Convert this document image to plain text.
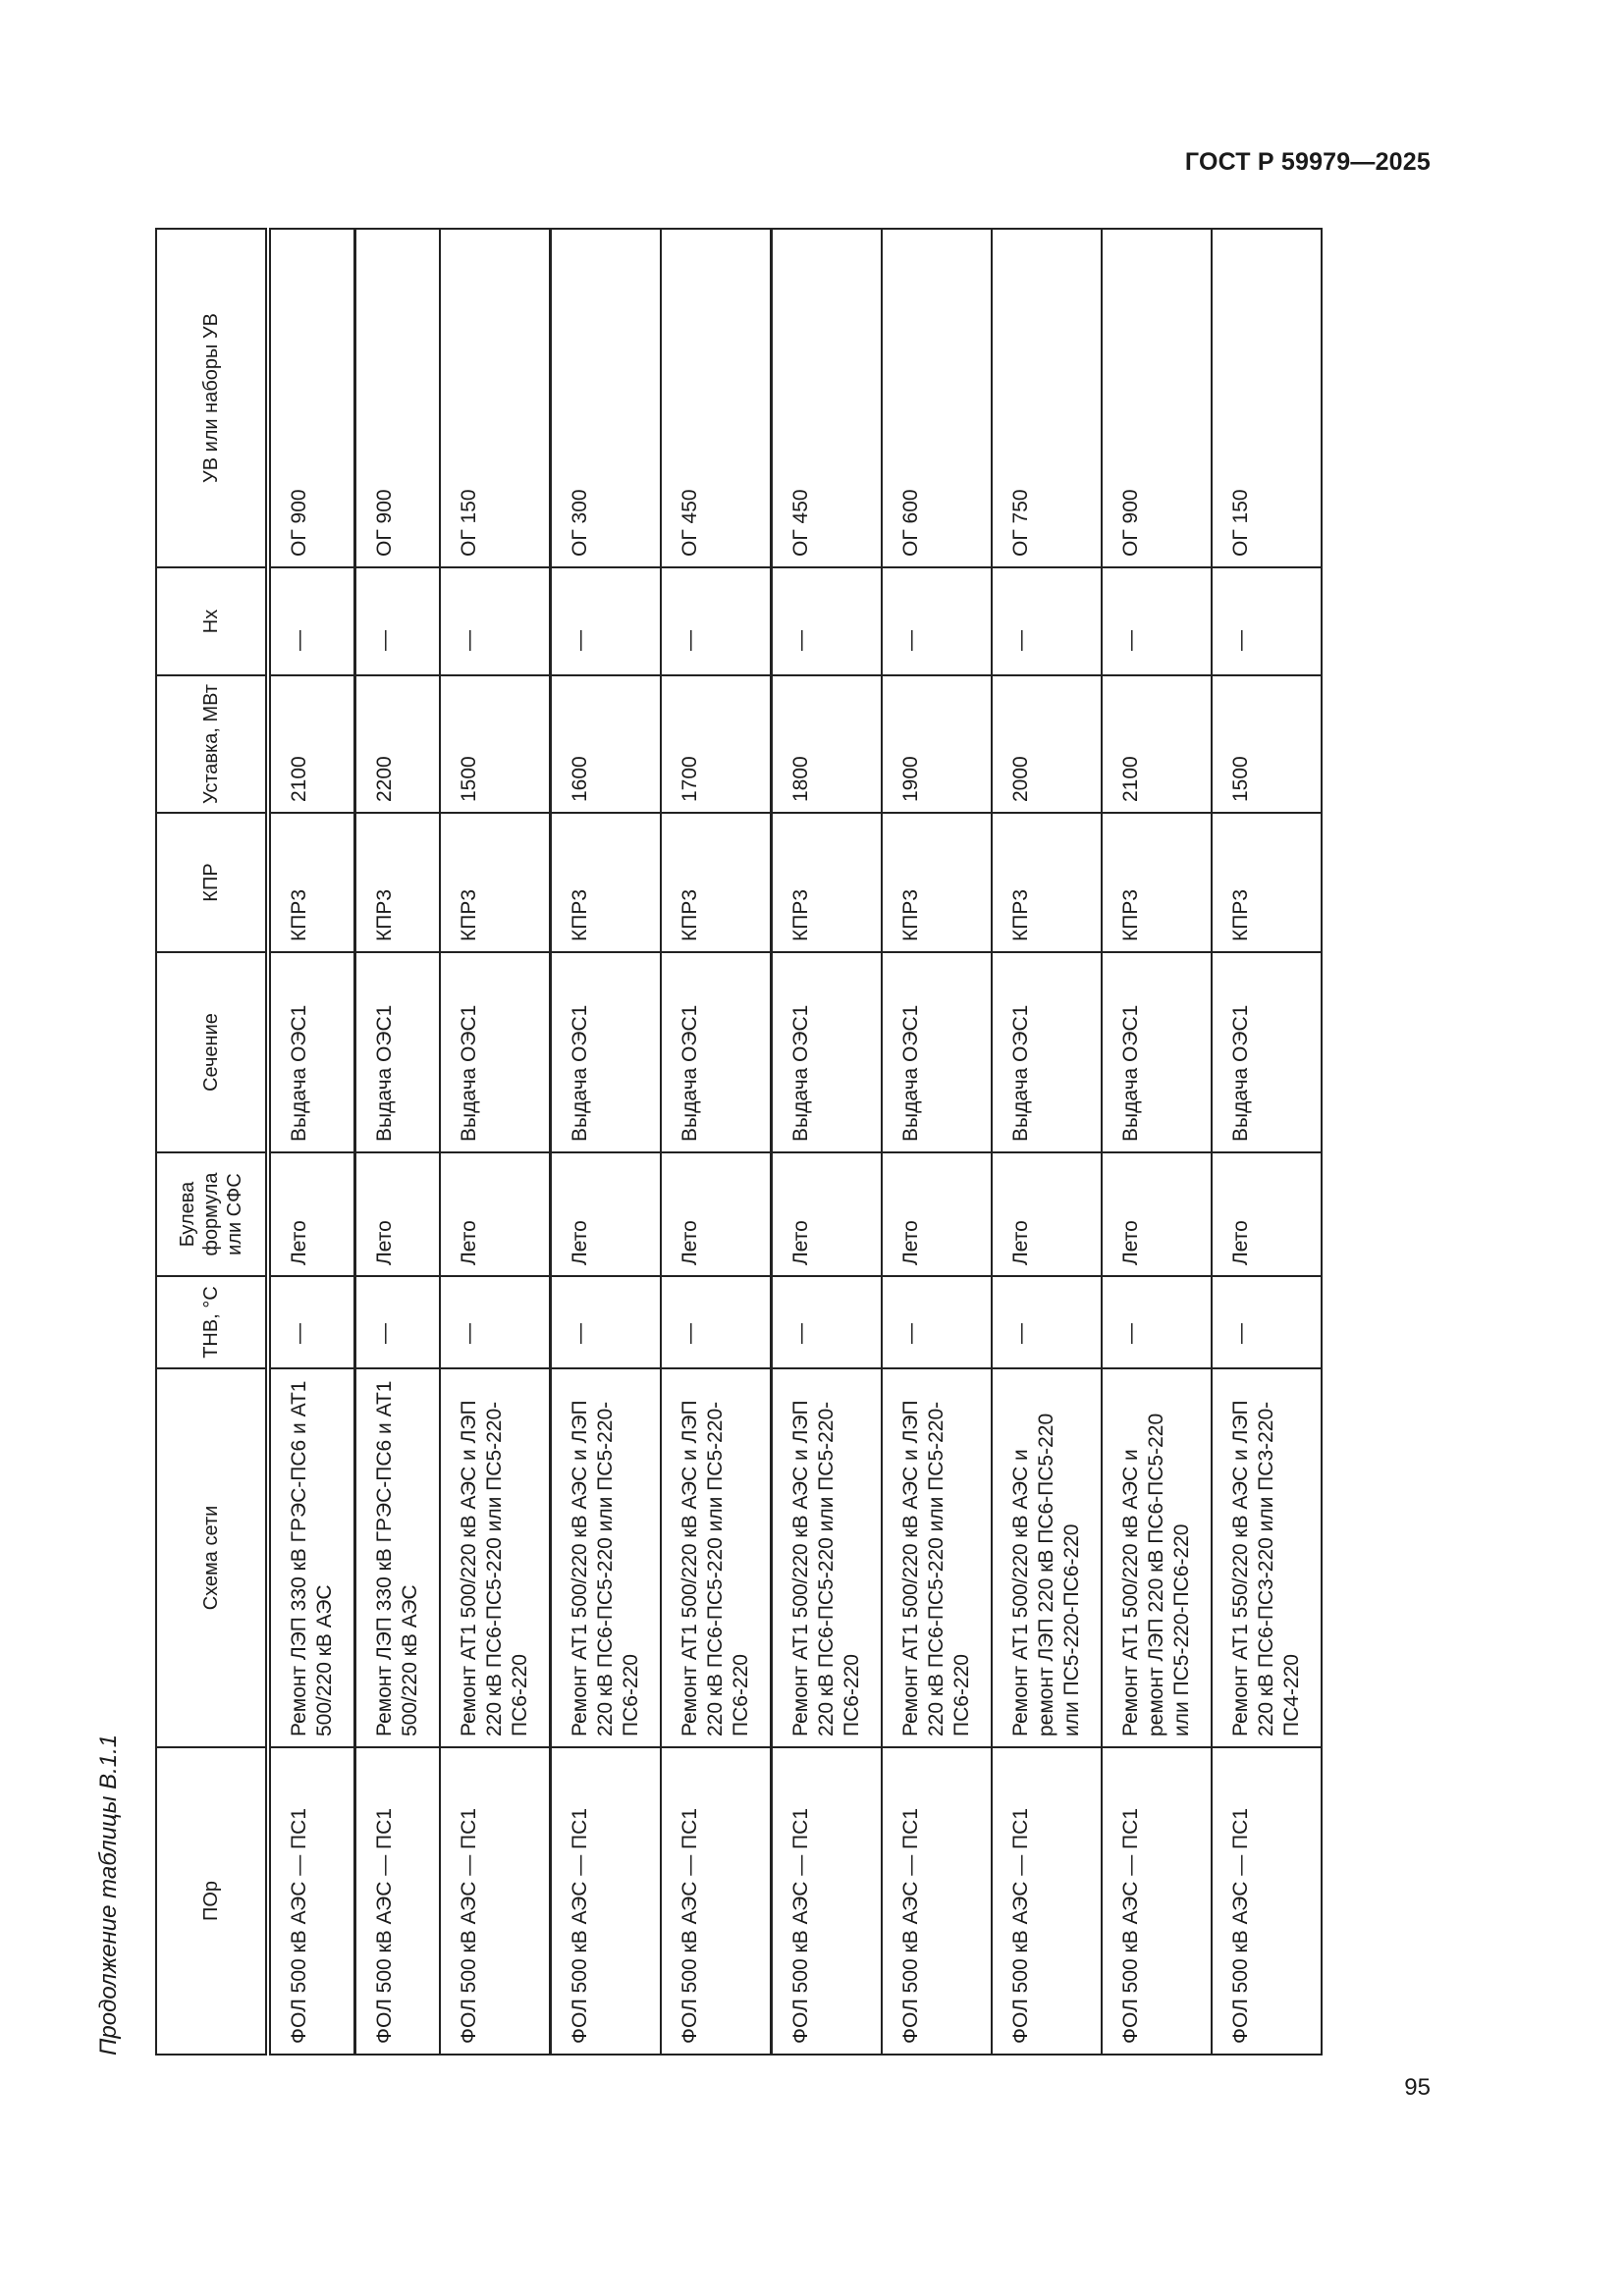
ГОСТ Р 59979—2025
Продолжение таблицы В.1.1	ПОр	Схема сети	ТНВ, °С	Булева формула или СФС	Сечение	КПР	Уставка, МВт	Нх	УВ или наборы УВ
ФОЛ 500 кВ АЭС — ПС1	Ремонт ЛЭП 330 кВ ГРЭС-ПС6 и АТ1 500/220 кВ АЭС	—	Лето	Выдача ОЭС1	КПР3	2100	—	ОГ 900
ФОЛ 500 кВ АЭС — ПС1	Ремонт ЛЭП 330 кВ ГРЭС-ПС6 и АТ1 500/220 кВ АЭС	—	Лето	Выдача ОЭС1	КПР3	2200	—	ОГ 900
ФОЛ 500 кВ АЭС — ПС1	Ремонт АТ1 500/220 кВ АЭС и ЛЭП 220 кВ ПС6-ПС5-220 или ПС5-220-ПС6-220	—	Лето	Выдача ОЭС1	КПР3	1500	—	ОГ 150
ФОЛ 500 кВ АЭС — ПС1	Ремонт АТ1 500/220 кВ АЭС и ЛЭП 220 кВ ПС6-ПС5-220 или ПС5-220-ПС6-220	—	Лето	Выдача ОЭС1	КПР3	1600	—	ОГ 300
ФОЛ 500 кВ АЭС — ПС1	Ремонт АТ1 500/220 кВ АЭС и ЛЭП 220 кВ ПС6-ПС5-220 или ПС5-220-ПС6-220	—	Лето	Выдача ОЭС1	КПР3	1700	—	ОГ 450
ФОЛ 500 кВ АЭС — ПС1	Ремонт АТ1 500/220 кВ АЭС и ЛЭП 220 кВ ПС6-ПС5-220 или ПС5-220-ПС6-220	—	Лето	Выдача ОЭС1	КПР3	1800	—	ОГ 450
ФОЛ 500 кВ АЭС — ПС1	Ремонт АТ1 500/220 кВ АЭС и ЛЭП 220 кВ ПС6-ПС5-220 или ПС5-220-ПС6-220	—	Лето	Выдача ОЭС1	КПР3	1900	—	ОГ 600
ФОЛ 500 кВ АЭС — ПС1	Ремонт АТ1 500/220 кВ АЭС и ремонт ЛЭП 220 кВ ПС6-ПС5-220 или ПС5-220-ПС6-220	—	Лето	Выдача ОЭС1	КПР3	2000	—	ОГ 750
ФОЛ 500 кВ АЭС — ПС1	Ремонт АТ1 500/220 кВ АЭС и ремонт ЛЭП 220 кВ ПС6-ПС5-220 или ПС5-220-ПС6-220	—	Лето	Выдача ОЭС1	КПР3	2100	—	ОГ 900
ФОЛ 500 кВ АЭС — ПС1	Ремонт АТ1 550/220 кВ АЭС и ЛЭП 220 кВ ПС6-ПС3-220 или ПС3-220-ПС4-220	—	Лето	Выдача ОЭС1	КПР3	1500	—	ОГ 150
95
